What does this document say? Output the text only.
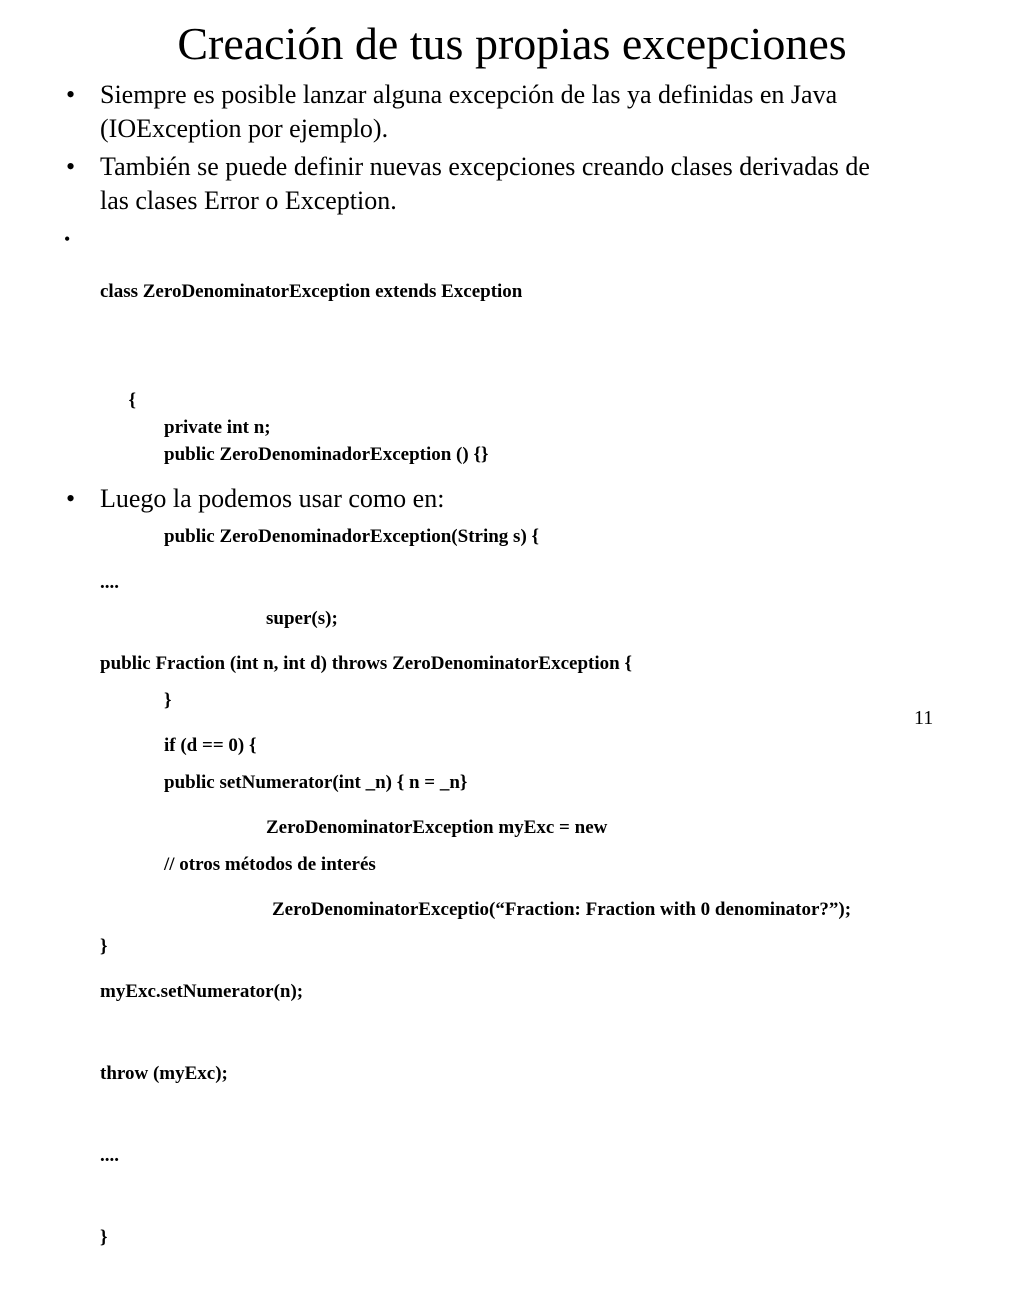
Creación de tus propias excepciones
• Siempre es posible lanzar alguna excepción de las ya definidas en Java
(IOException por ejemplo).
• También se puede definir nuevas excepciones creando clases derivadas de
las clases Error o Exception.
•

class ZeroDenominatorException extends Exception

{

private int n;

public ZeroDenominadorException () {}

public ZeroDenominadorException(String s) {

super(s);

}

public setNumerator(int _n) { n = _n}

// otros métodos de interés

}

• Luego la podemos usar como en:

....

public Fraction (int n, int d) throws ZeroDenominatorException {

if (d == 0) {

ZeroDenominatorException myExc = new

ZeroDenominatorExceptio(“Fraction: Fraction with 0 denominator?”);

myExc.setNumerator(n);

throw (myExc);

....

}

11
